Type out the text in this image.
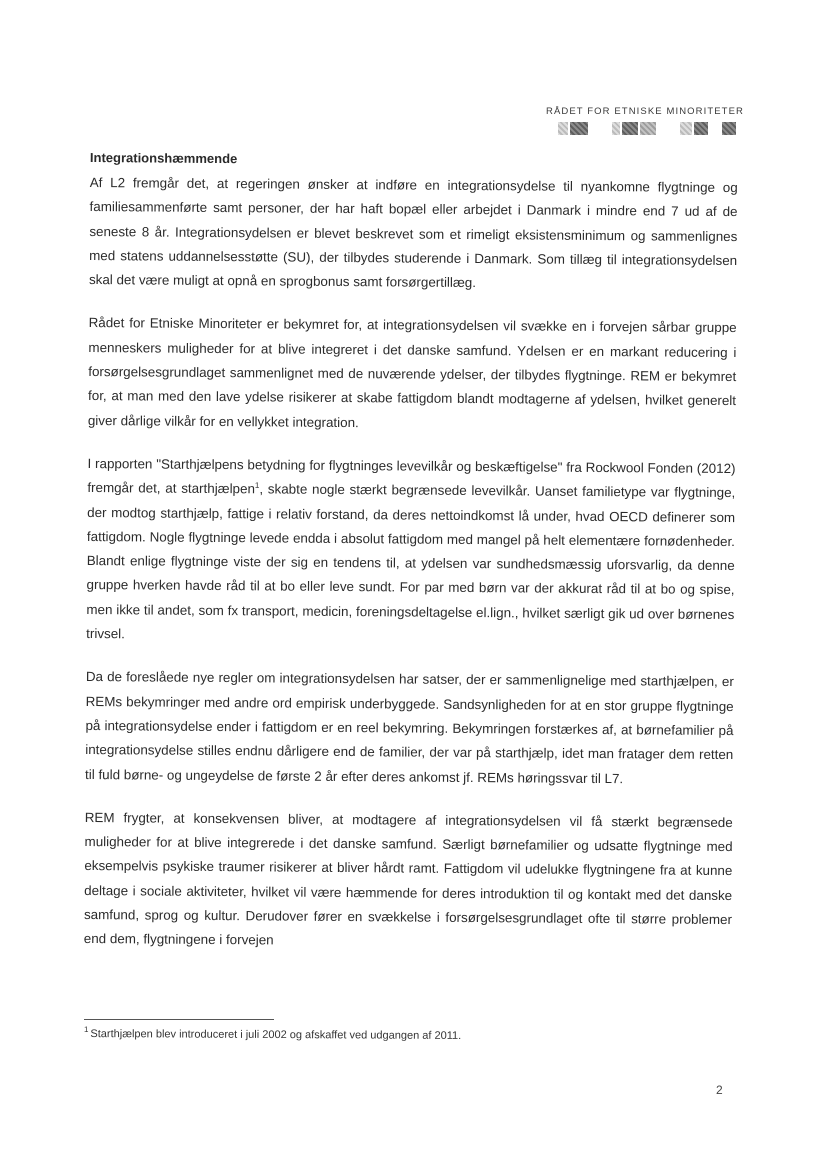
RÅDET FOR ETNISKE MINORITETER
Integrationshæmmende

Af L2 fremgår det, at regeringen ønsker at indføre en integrationsydelse til nyankomne flygtninge og familiesammenførte samt personer, der har haft bopæl eller arbejdet i Danmark i mindre end 7 ud af de seneste 8 år. Integrationsydelsen er blevet beskrevet som et rimeligt eksistensminimum og sammenlignes med statens uddannelsesstøtte (SU), der tilbydes studerende i Danmark. Som tillæg til integrationsydelsen skal det være muligt at opnå en sprogbonus samt forsørgertillæg.

Rådet for Etniske Minoriteter er bekymret for, at integrationsydelsen vil svække en i forvejen sårbar gruppe menneskers muligheder for at blive integreret i det danske samfund. Ydelsen er en markant reducering i forsørgelsesgrundlaget sammenlignet med de nuværende ydelser, der tilbydes flygtninge. REM er bekymret for, at man med den lave ydelse risikerer at skabe fattigdom blandt modtagerne af ydelsen, hvilket generelt giver dårlige vilkår for en vellykket integration.

I rapporten "Starthjælpens betydning for flygtninges levevilkår og beskæftigelse" fra Rockwool Fonden (2012) fremgår det, at starthjælpen$^1$, skabte nogle stærkt begrænsede levevilkår. Uanset familietype var flygtninge, der modtog starthjælp, fattige i relativ forstand, da deres nettoindkomst lå under, hvad OECD definerer som fattigdom. Nogle flygtninge levede endda i absolut fattigdom med mangel på helt elementære fornødenheder. Blandt enlige flygtninge viste der sig en tendens til, at ydelsen var sundhedsmæssig uforsvarlig, da denne gruppe hverken havde råd til at bo eller leve sundt. For par med børn var der akkurat råd til at bo og spise, men ikke til andet, som fx transport, medicin, foreningsdeltagelse el.lign., hvilket særligt gik ud over børnenes trivsel.

Da de foreslåede nye regler om integrationsydelsen har satser, der er sammenlignelige med starthjælpen, er REMs bekymringer med andre ord empirisk underbyggede. Sandsynligheden for at en stor gruppe flygtninge på integrationsydelse ender i fattigdom er en reel bekymring. Bekymringen forstærkes af, at børnefamilier på integrationsydelse stilles endnu dårligere end de familier, der var på starthjælp, idet man fratager dem retten til fuld børne- og ungeydelse de første 2 år efter deres ankomst jf. REMs høringssvar til L7.

REM frygter, at konsekvensen bliver, at modtagere af integrationsydelsen vil få stærkt begrænsede muligheder for at blive integrerede i det danske samfund. Særligt børnefamilier og udsatte flygtninge med eksempelvis psykiske traumer risikerer at bliver hårdt ramt. Fattigdom vil udelukke flygtningene fra at kunne deltage i sociale aktiviteter, hvilket vil være hæmmende for deres introduktion til og kontakt med det danske samfund, sprog og kultur. Derudover fører en svækkelse i forsørgelsesgrundlaget ofte til større problemer end dem, flygtningene i forvejen

$^1$ Starthjælpen blev introduceret i juli 2002 og afskaffet ved udgangen af 2011.
2
